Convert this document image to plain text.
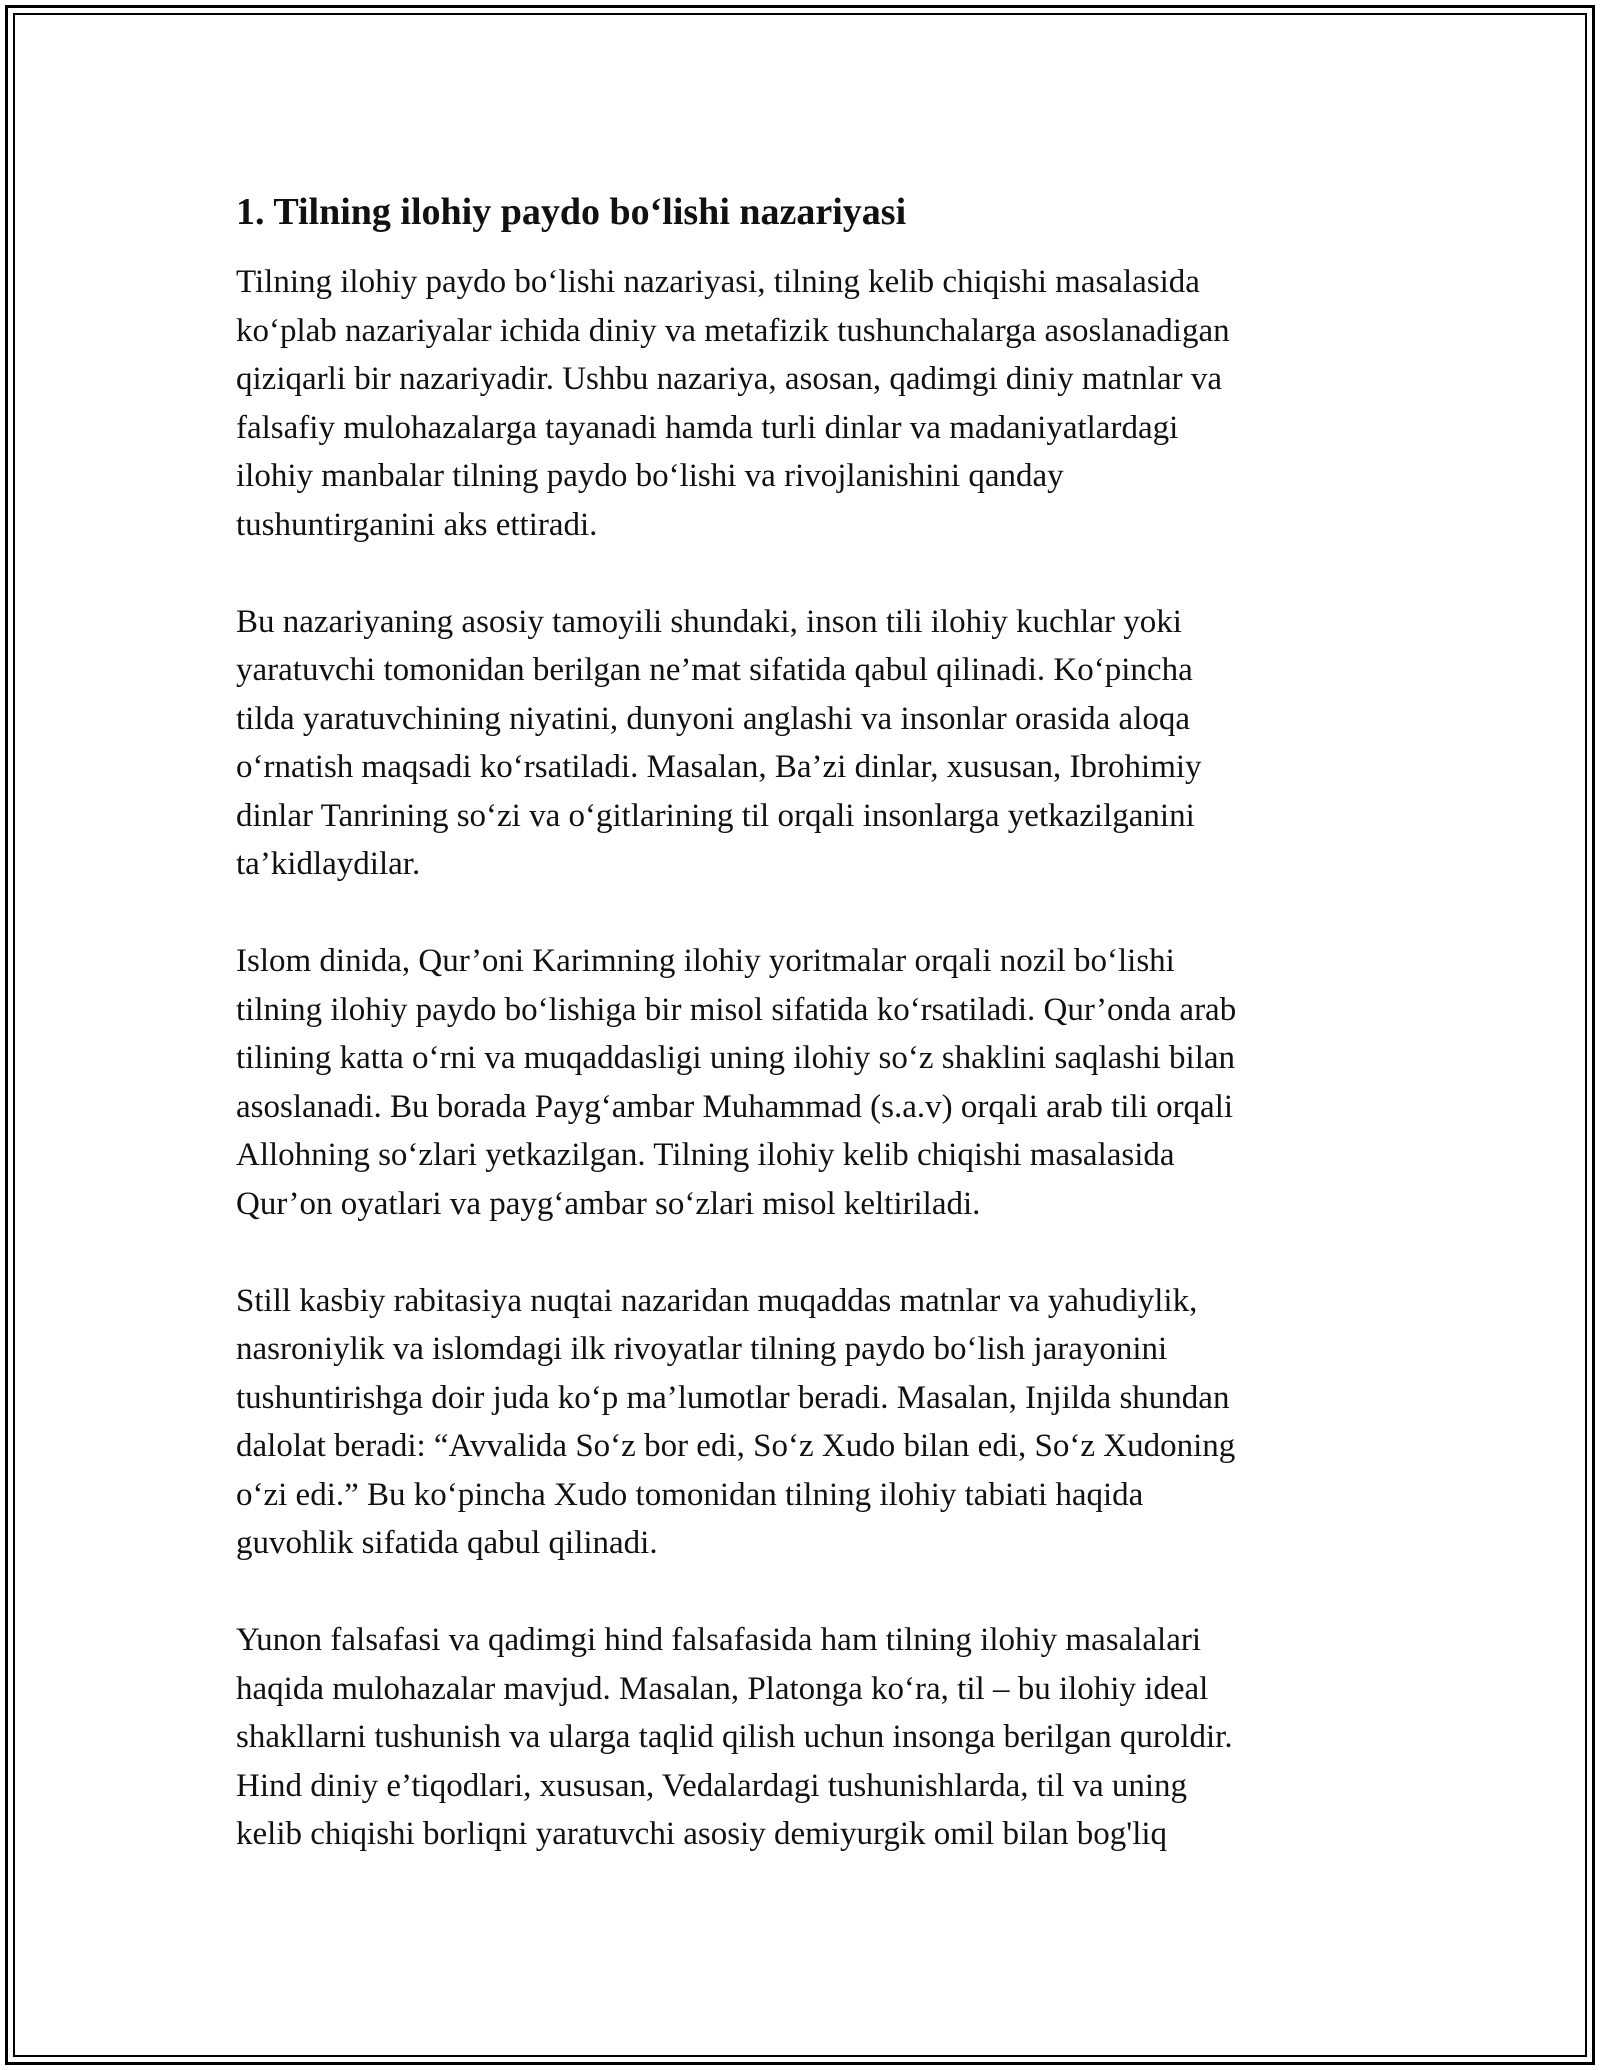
1. Tilning ilohiy paydo bo‘lishi nazariyasi
Tilning ilohiy paydo bo‘lishi nazariyasi, tilning kelib chiqishi masalasida
ko‘plab nazariyalar ichida diniy va metafizik tushunchalarga asoslanadigan
qiziqarli bir nazariyadir. Ushbu nazariya, asosan, qadimgi diniy matnlar va
falsafiy mulohazalarga tayanadi hamda turli dinlar va madaniyatlardagi
ilohiy manbalar tilning paydo bo‘lishi va rivojlanishini qanday
tushuntirganini aks ettiradi.
Bu nazariyaning asosiy tamoyili shundaki, inson tili ilohiy kuchlar yoki
yaratuvchi tomonidan berilgan ne’mat sifatida qabul qilinadi. Ko‘pincha
tilda yaratuvchining niyatini, dunyoni anglashi va insonlar orasida aloqa
o‘rnatish maqsadi ko‘rsatiladi. Masalan, Ba’zi dinlar, xususan, Ibrohimiy
dinlar Tanrining so‘zi va o‘gitlarining til orqali insonlarga yetkazilganini
ta’kidlaydilar.
Islom dinida, Qur’oni Karimning ilohiy yoritmalar orqali nozil bo‘lishi
tilning ilohiy paydo bo‘lishiga bir misol sifatida ko‘rsatiladi. Qur’onda arab
tilining katta o‘rni va muqaddasligi uning ilohiy so‘z shaklini saqlashi bilan
asoslanadi. Bu borada Payg‘ambar Muhammad (s.a.v) orqali arab tili orqali
Allohning so‘zlari yetkazilgan. Tilning ilohiy kelib chiqishi masalasida
Qur’on oyatlari va payg‘ambar so‘zlari misol keltiriladi.
Still kasbiy rabitasiya nuqtai nazaridan muqaddas matnlar va yahudiylik,
nasroniylik va islomdagi ilk rivoyatlar tilning paydo bo‘lish jarayonini
tushuntirishga doir juda ko‘p ma’lumotlar beradi. Masalan, Injilda shundan
dalolat beradi: “Avvalida So‘z bor edi, So‘z Xudo bilan edi, So‘z Xudoning
o‘zi edi.” Bu ko‘pincha Xudo tomonidan tilning ilohiy tabiati haqida
guvohlik sifatida qabul qilinadi.
Yunon falsafasi va qadimgi hind falsafasida ham tilning ilohiy masalalari
haqida mulohazalar mavjud. Masalan, Platonga ko‘ra, til – bu ilohiy ideal
shakllarni tushunish va ularga taqlid qilish uchun insonga berilgan quroldir.
Hind diniy e’tiqodlari, xususan, Vedalardagi tushunishlarda, til va uning
kelib chiqishi borliqni yaratuvchi asosiy demiyurgik omil bilan bog'liq
